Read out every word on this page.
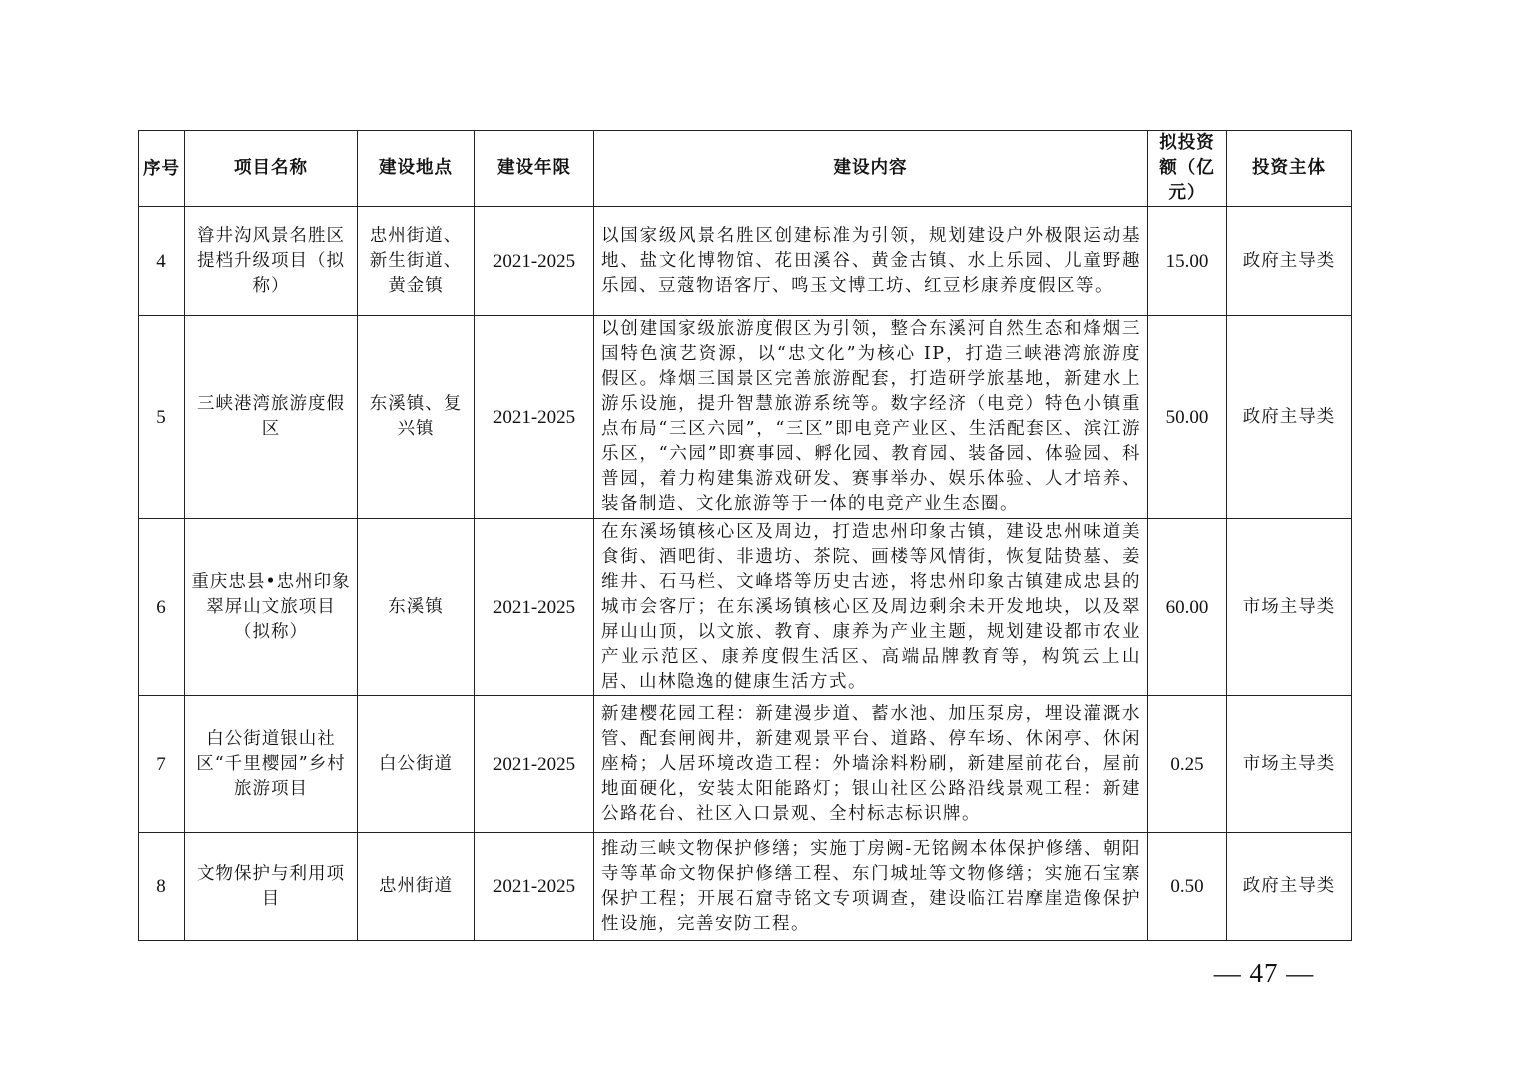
序号	项目名称	建设地点	建设年限	建设内容	拟投资额（亿元）	投资主体
4	㽏井沟风景名胜区提档升级项目（拟称）	忠州街道、新生街道、黄金镇	2021-2025	以国家级风景名胜区创建标准为引领，规划建设户外极限运动基地、盐文化博物馆、花田溪谷、黄金古镇、水上乐园、儿童野趣乐园、豆蔻物语客厅、鸣玉文博工坊、红豆杉康养度假区等。	15.00	政府主导类
5	三峡港湾旅游度假区	东溪镇、复兴镇	2021-2025	以创建国家级旅游度假区为引领，整合东溪河自然生态和烽烟三国特色演艺资源，以“忠文化”为核心 IP，打造三峡港湾旅游度假区。烽烟三国景区完善旅游配套，打造研学旅基地，新建水上游乐设施，提升智慧旅游系统等。数字经济（电竞）特色小镇重点布局“三区六园”，“三区”即电竞产业区、生活配套区、滨江游乐区，“六园”即赛事园、孵化园、教育园、装备园、体验园、科普园，着力构建集游戏研发、赛事举办、娱乐体验、人才培养、装备制造、文化旅游等于一体的电竞产业生态圈。	50.00	政府主导类
6	重庆忠县•忠州印象翠屏山文旅项目（拟称）	东溪镇	2021-2025	在东溪场镇核心区及周边，打造忠州印象古镇，建设忠州味道美食街、酒吧街、非遗坊、茶院、画楼等风情街，恢复陆贽墓、姜维井、石马栏、文峰塔等历史古迹，将忠州印象古镇建成忠县的城市会客厅；在东溪场镇核心区及周边剩余未开发地块，以及翠屏山山顶，以文旅、教育、康养为产业主题，规划建设都市农业产业示范区、康养度假生活区、高端品牌教育等，构筑云上山居、山林隐逸的健康生活方式。	60.00	市场主导类
7	白公街道银山社区“千里樱园”乡村旅游项目	白公街道	2021-2025	新建樱花园工程：新建漫步道、蓄水池、加压泵房，埋设灌溉水管、配套闸阀井，新建观景平台、道路、停车场、休闲亭、休闲座椅；人居环境改造工程：外墙涂料粉刷，新建屋前花台，屋前地面硬化，安装太阳能路灯；银山社区公路沿线景观工程：新建公路花台、社区入口景观、全村标志标识牌。	0.25	市场主导类
8	文物保护与利用项目	忠州街道	2021-2025	推动三峡文物保护修缮；实施丁房阙-无铭阙本体保护修缮、朝阳寺等革命文物保护修缮工程、东门城址等文物修缮；实施石宝寨保护工程；开展石窟寺铭文专项调查，建设临江岩摩崖造像保护性设施，完善安防工程。	0.50	政府主导类
— 47 —
